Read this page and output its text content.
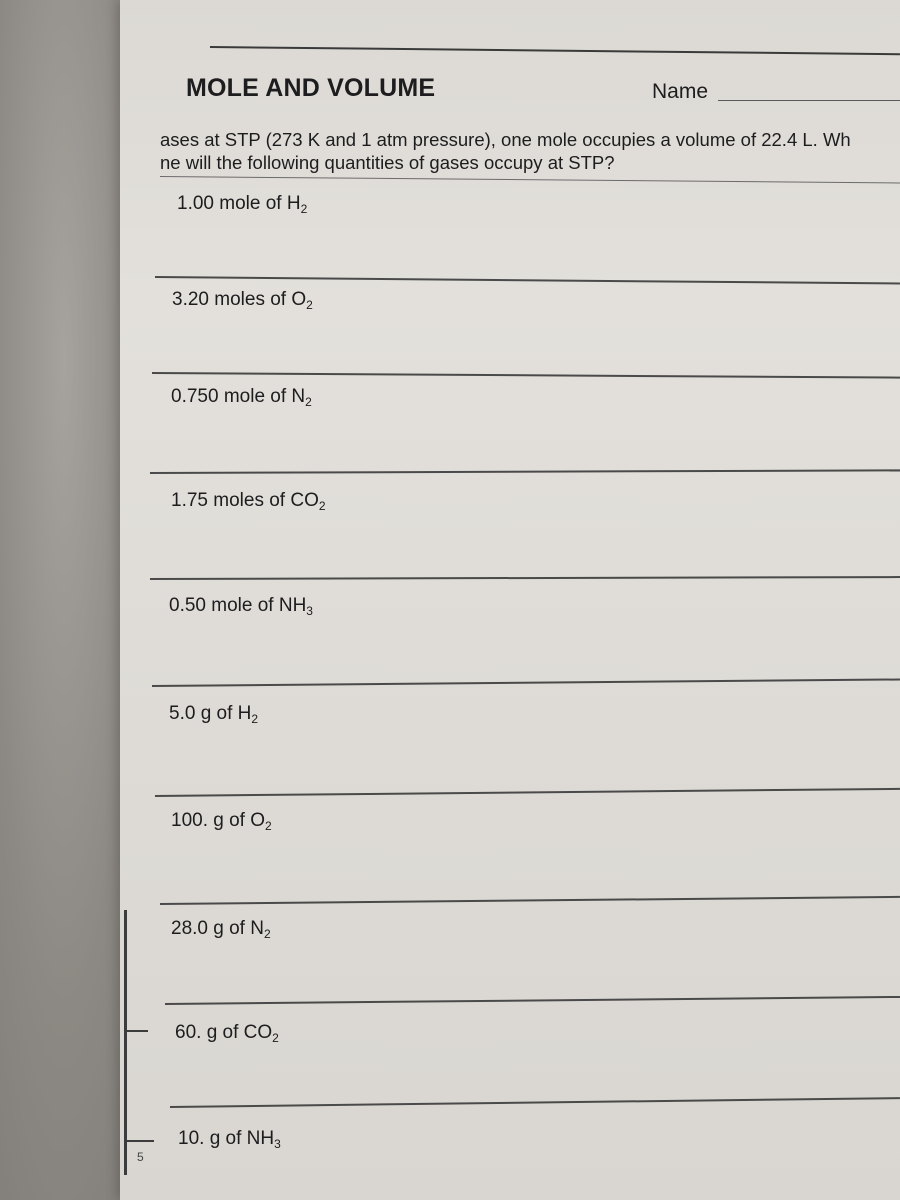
MOLE AND VOLUME	Name
ases at STP (273 K and 1 atm pressure), one mole occupies a volume of 22.4 L. Wh
ne will the following quantities of gases occupy at STP?
1.00 mole of $H_2$
3.20 moles of $O_2$
0.750 mole of $N_2$
1.75 moles of $CO_2$
0.50 mole of $NH_3$
5.0 g of $H_2$
100. g of $O_2$
28.0 g of $N_2$
60. g of $CO_2$
10. g of $NH_3$
5
